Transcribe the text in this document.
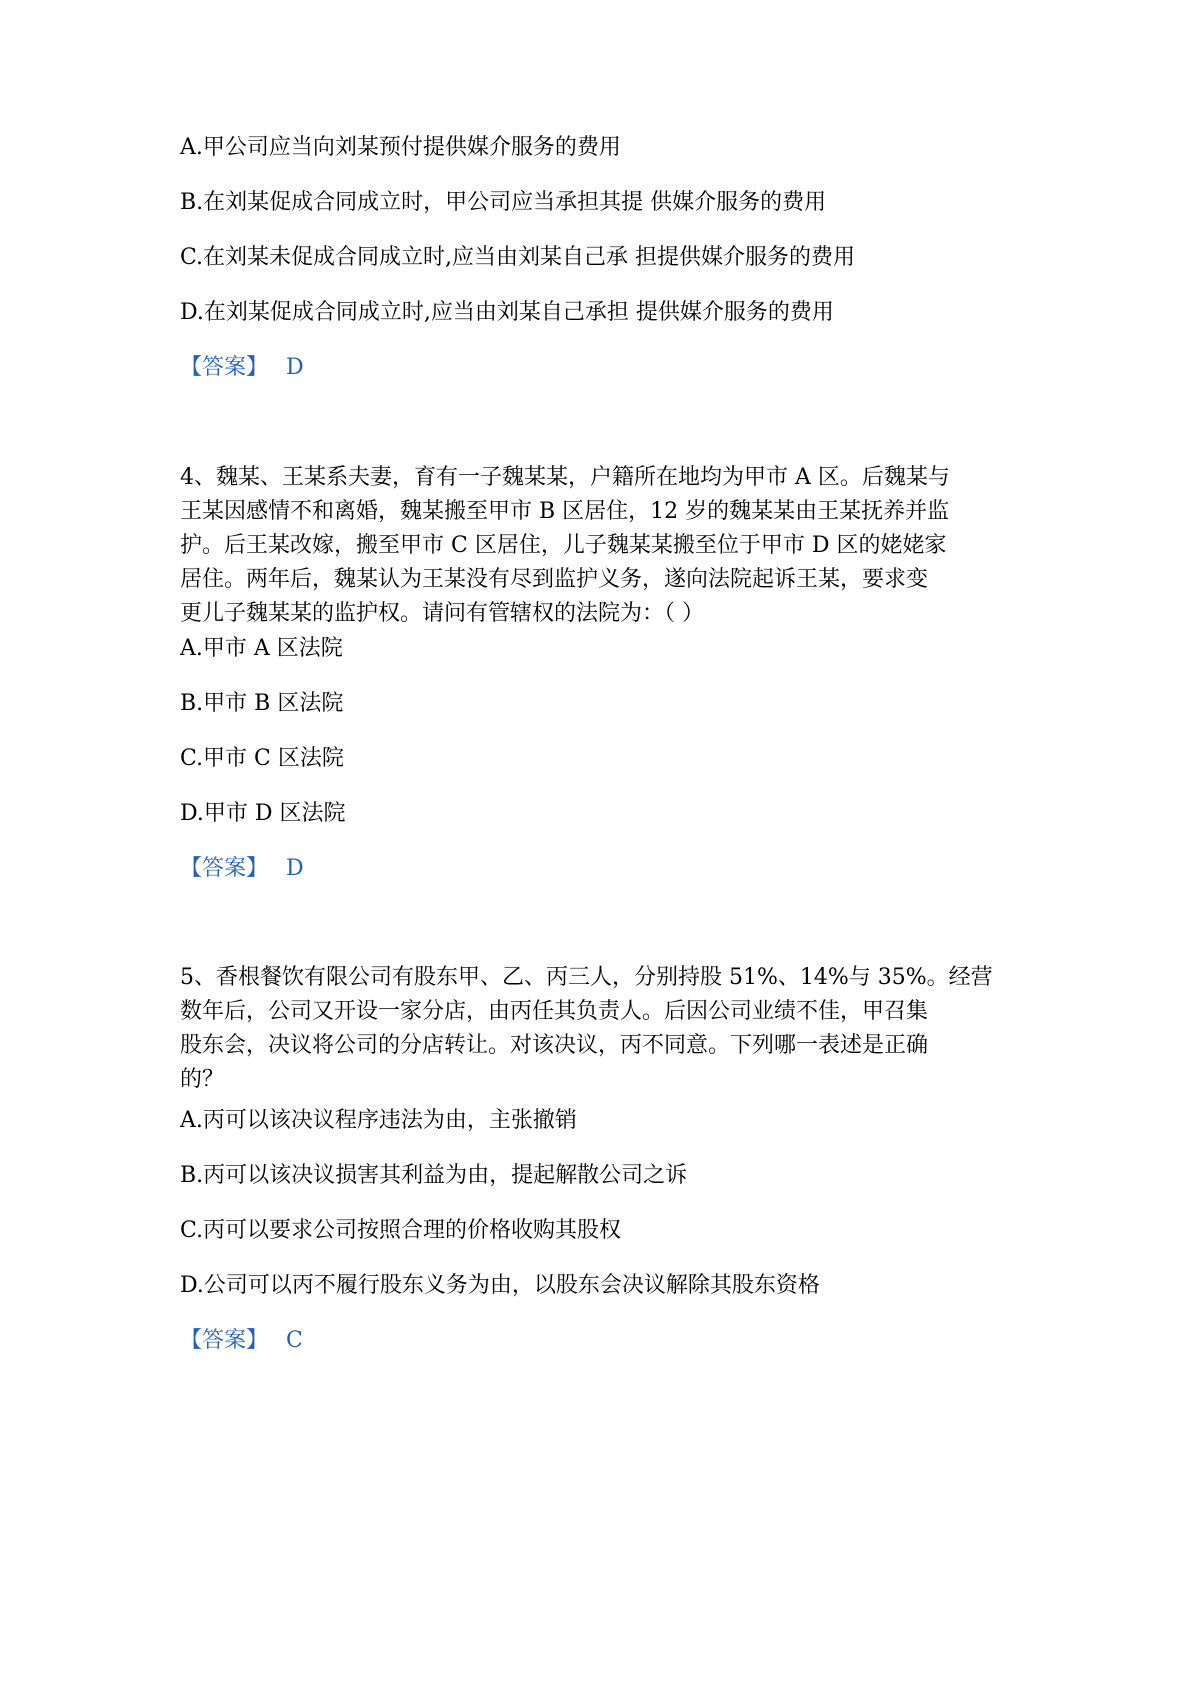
A.甲公司应当向刘某预付提供媒介服务的费用
B.在刘某促成合同成立时，甲公司应当承担其提 供媒介服务的费用
C.在刘某未促成合同成立时,应当由刘某自己承 担提供媒介服务的费用
D.在刘某促成合同成立时,应当由刘某自己承担 提供媒介服务的费用
【答案】 D
4、魏某、王某系夫妻，育有一子魏某某，户籍所在地均为甲市 A 区。后魏某与
王某因感情不和离婚，魏某搬至甲市 B 区居住，12 岁的魏某某由王某抚养并监
护。后王某改嫁，搬至甲市 C 区居住，儿子魏某某搬至位于甲市 D 区的姥姥家
居住。两年后，魏某认为王某没有尽到监护义务，遂向法院起诉王某，要求变
更儿子魏某某的监护权。请问有管辖权的法院为：（ ）
A.甲市 A 区法院
B.甲市 B 区法院
C.甲市 C 区法院
D.甲市 D 区法院
【答案】 D
5、香根餐饮有限公司有股东甲、乙、丙三人，分别持股 51%、14%与 35%。经营
数年后，公司又开设一家分店，由丙任其负责人。后因公司业绩不佳，甲召集
股东会，决议将公司的分店转让。对该决议，丙不同意。下列哪一表述是正确
的？
A.丙可以该决议程序违法为由，主张撤销
B.丙可以该决议损害其利益为由，提起解散公司之诉
C.丙可以要求公司按照合理的价格收购其股权
D.公司可以丙不履行股东义务为由，以股东会决议解除其股东资格
【答案】 C
